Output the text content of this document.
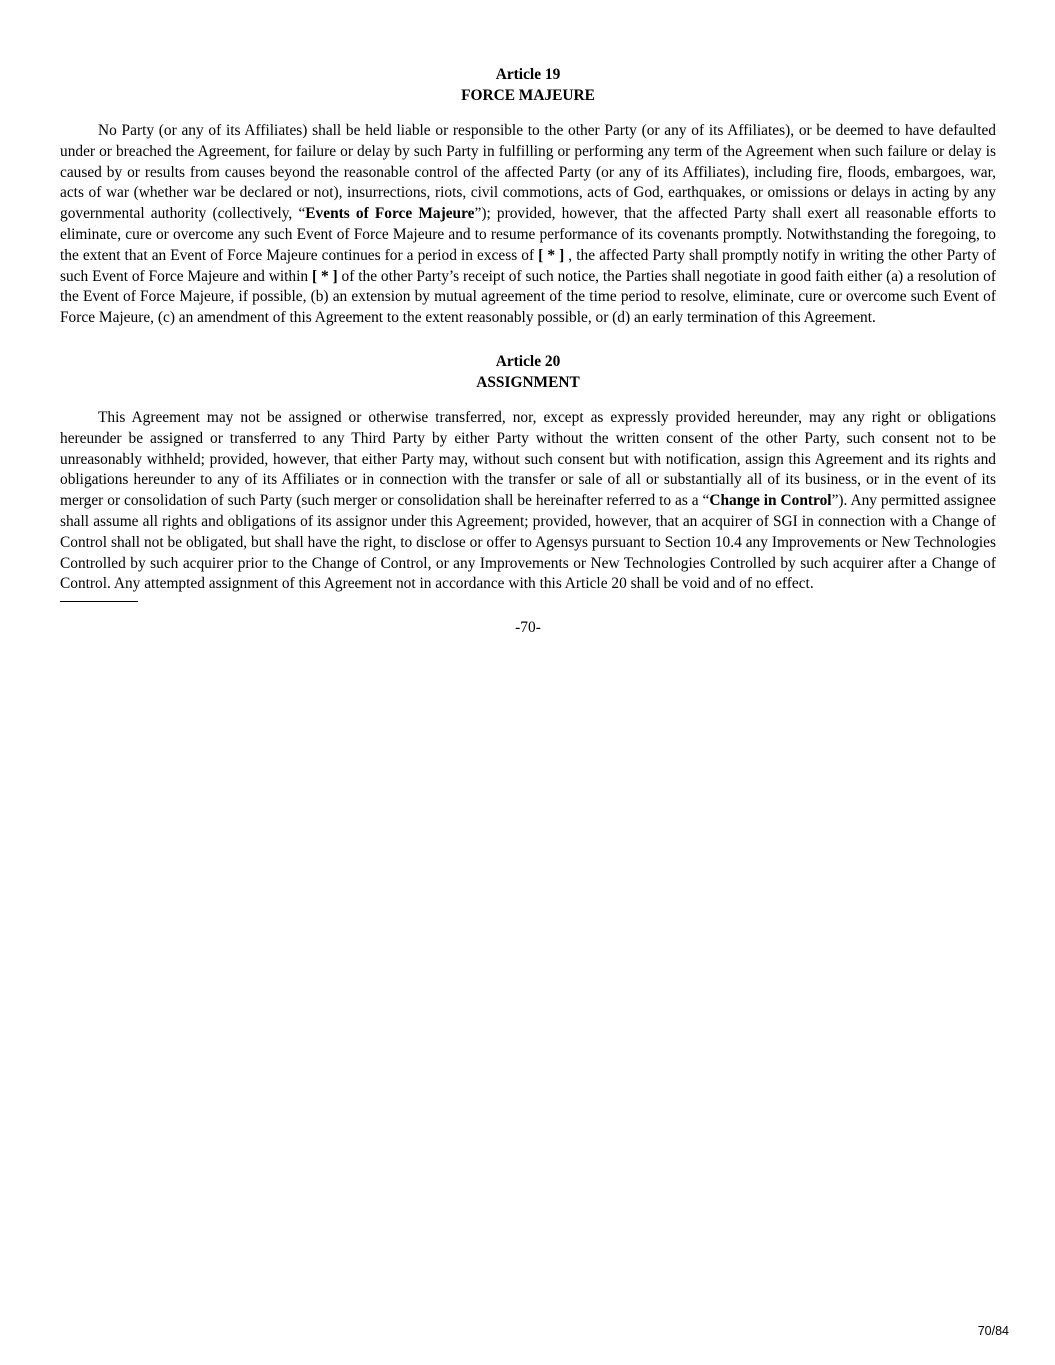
Article 19
FORCE MAJEURE

No Party (or any of its Affiliates) shall be held liable or responsible to the other Party (or any of its Affiliates), or be deemed to have defaulted under or breached the Agreement, for failure or delay by such Party in fulfilling or performing any term of the Agreement when such failure or delay is caused by or results from causes beyond the reasonable control of the affected Party (or any of its Affiliates), including fire, floods, embargoes, war, acts of war (whether war be declared or not), insurrections, riots, civil commotions, acts of God, earthquakes, or omissions or delays in acting by any governmental authority (collectively, “Events of Force Majeure”); provided, however, that the affected Party shall exert all reasonable efforts to eliminate, cure or overcome any such Event of Force Majeure and to resume performance of its covenants promptly. Notwithstanding the foregoing, to the extent that an Event of Force Majeure continues for a period in excess of [ * ] , the affected Party shall promptly notify in writing the other Party of such Event of Force Majeure and within [ * ] of the other Party’s receipt of such notice, the Parties shall negotiate in good faith either (a) a resolution of the Event of Force Majeure, if possible, (b) an extension by mutual agreement of the time period to resolve, eliminate, cure or overcome such Event of Force Majeure, (c) an amendment of this Agreement to the extent reasonably possible, or (d) an early termination of this Agreement.

Article 20
ASSIGNMENT

This Agreement may not be assigned or otherwise transferred, nor, except as expressly provided hereunder, may any right or obligations hereunder be assigned or transferred to any Third Party by either Party without the written consent of the other Party, such consent not to be unreasonably withheld; provided, however, that either Party may, without such consent but with notification, assign this Agreement and its rights and obligations hereunder to any of its Affiliates or in connection with the transfer or sale of all or substantially all of its business, or in the event of its merger or consolidation of such Party (such merger or consolidation shall be hereinafter referred to as a “Change in Control”). Any permitted assignee shall assume all rights and obligations of its assignor under this Agreement; provided, however, that an acquirer of SGI in connection with a Change of Control shall not be obligated, but shall have the right, to disclose or offer to Agensys pursuant to Section 10.4 any Improvements or New Technologies Controlled by such acquirer prior to the Change of Control, or any Improvements or New Technologies Controlled by such acquirer after a Change of Control. Any attempted assignment of this Agreement not in accordance with this Article 20 shall be void and of no effect.

-70-
70/84
